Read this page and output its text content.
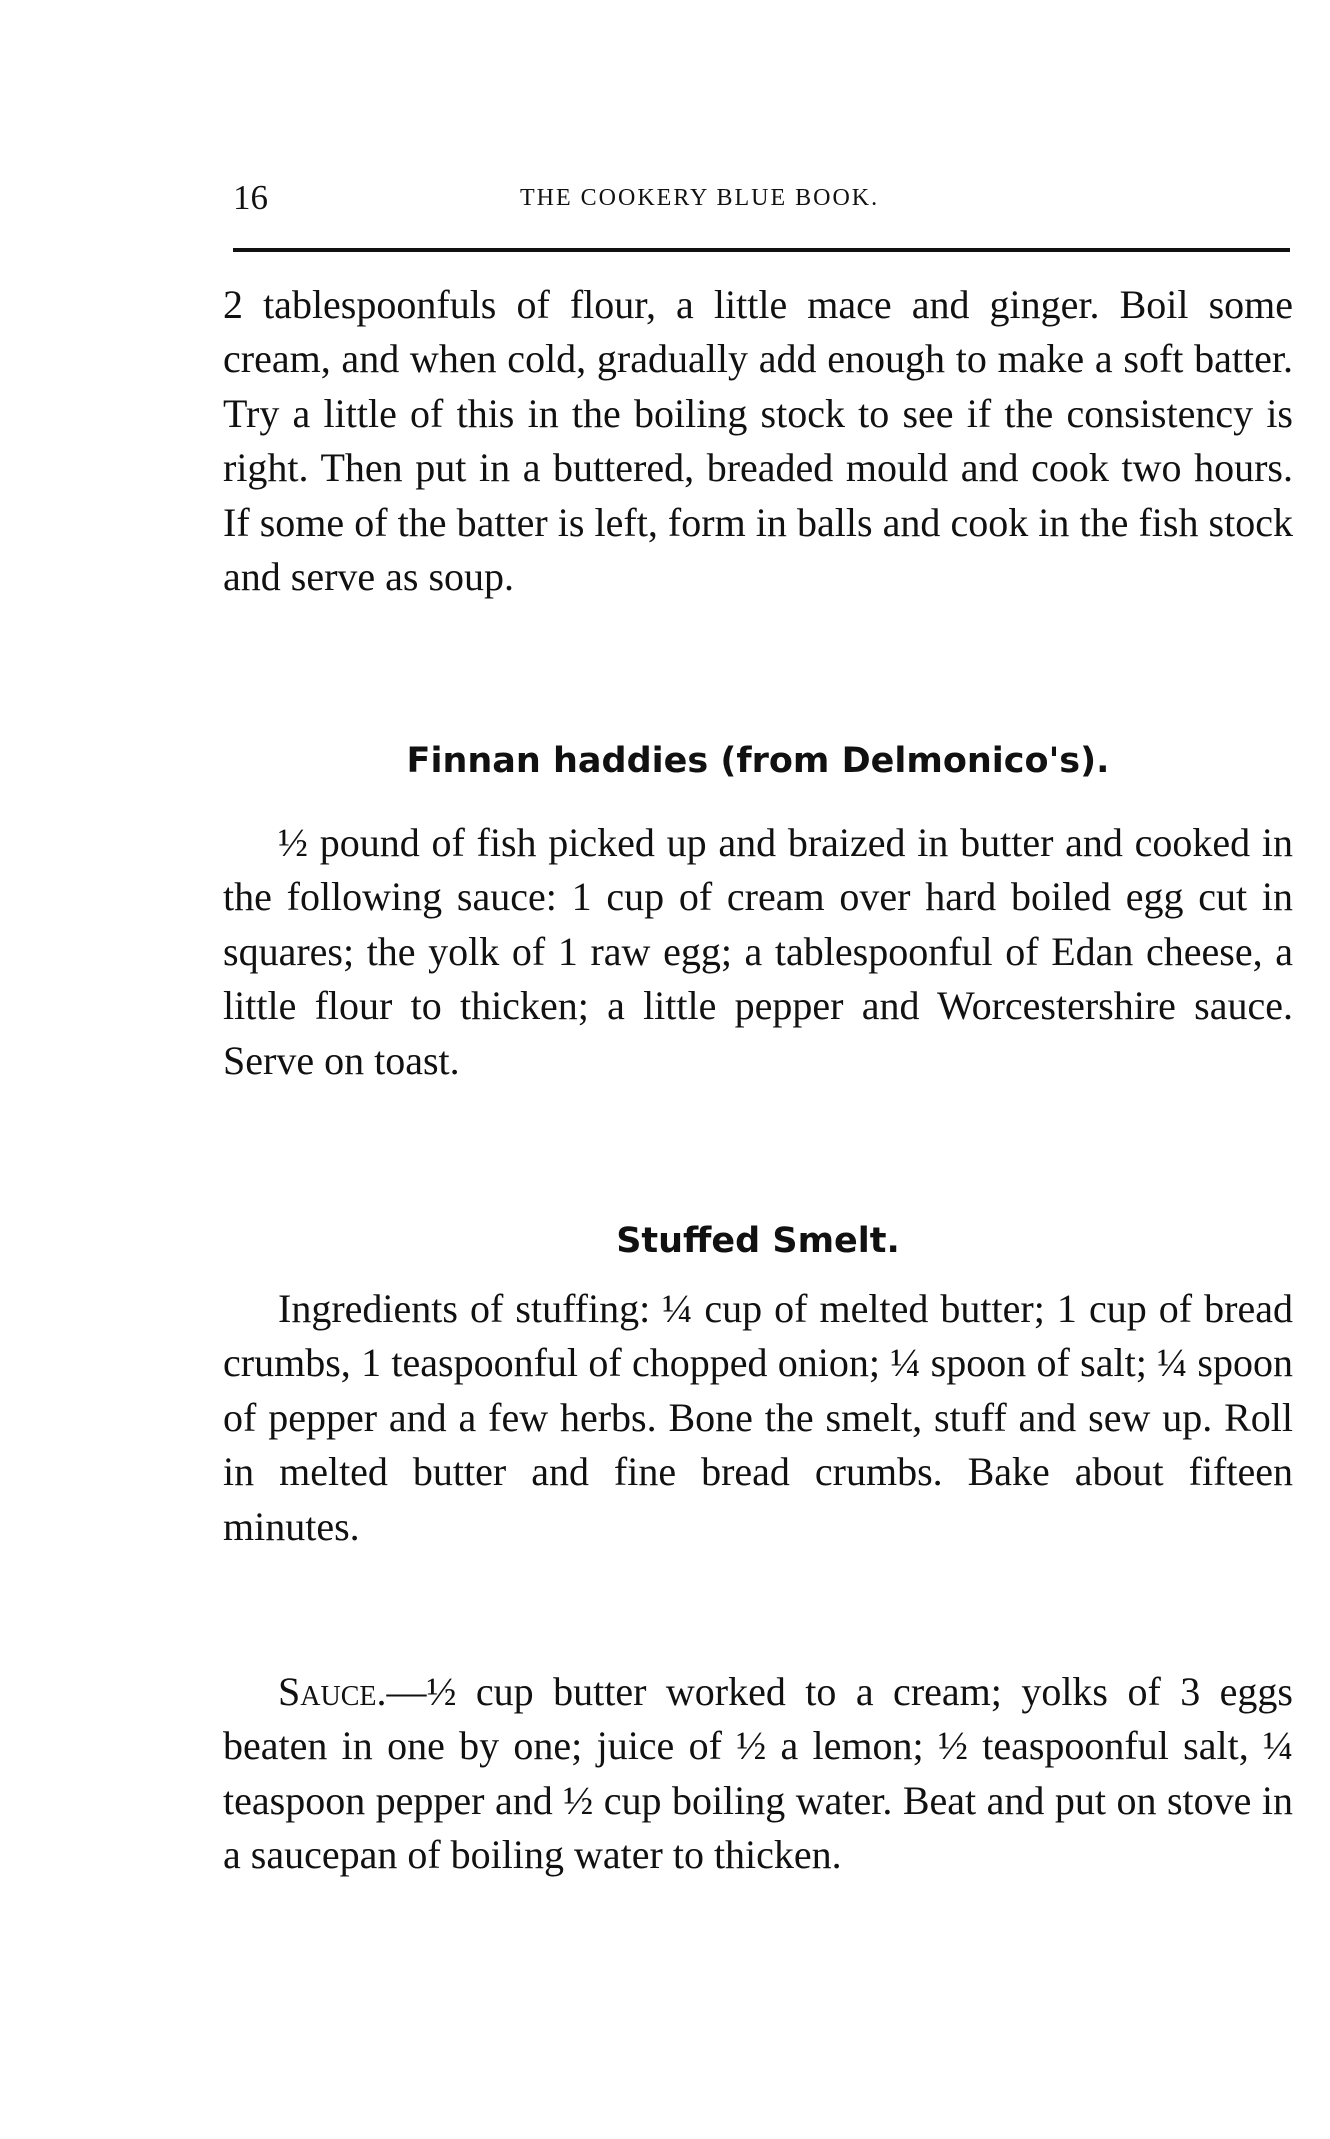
16	THE COOKERY BLUE BOOK.

2 tablespoonfuls of flour, a little mace and ginger. Boil some cream, and when cold, gradually add enough to make a soft batter. Try a little of this in the boiling stock to see if the consistency is right. Then put in a buttered, breaded mould and cook two hours. If some of the batter is left, form in balls and cook in the fish stock and serve as soup.

Finnan haddies (from Delmonico's).

½ pound of fish picked up and braized in butter and cooked in the following sauce: 1 cup of cream over hard boiled egg cut in squares; the yolk of 1 raw egg; a tablespoonful of Edan cheese, a little flour to thicken; a little pepper and Worcestershire sauce. Serve on toast.

Stuffed Smelt.

Ingredients of stuffing: ¼ cup of melted butter; 1 cup of bread crumbs, 1 teaspoonful of chopped onion; ¼ spoon of salt; ¼ spoon of pepper and a few herbs. Bone the smelt, stuff and sew up. Roll in melted butter and fine bread crumbs. Bake about fifteen minutes.

Sauce.—½ cup butter worked to a cream; yolks of 3 eggs beaten in one by one; juice of ½ a lemon; ½ teaspoonful salt, ¼ teaspoon pepper and ½ cup boiling water. Beat and put on stove in a saucepan of boiling water to thicken.
